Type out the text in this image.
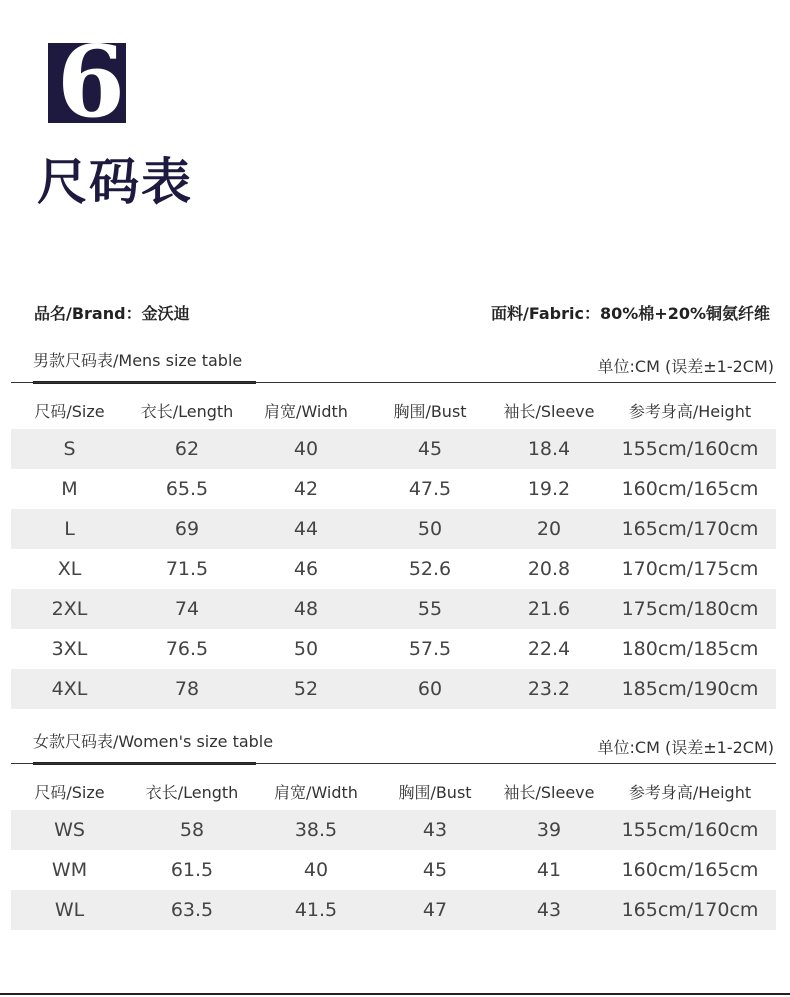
6
尺码表
品名/Brand：金沃迪	面料/Fabric：80%棉+20%铜氨纤维
男款尺码表/Mens size table	单位:CM (误差±1-2CM)
尺码/Size	衣长/Length	肩宽/Width	胸围/Bust	袖长/Sleeve	参考身高/Height
S	62	40	45	18.4	155cm/160cm
M	65.5	42	47.5	19.2	160cm/165cm
L	69	44	50	20	165cm/170cm
XL	71.5	46	52.6	20.8	170cm/175cm
2XL	74	48	55	21.6	175cm/180cm
3XL	76.5	50	57.5	22.4	180cm/185cm
4XL	78	52	60	23.2	185cm/190cm
女款尺码表/Women's size table	单位:CM (误差±1-2CM)
尺码/Size	衣长/Length	肩宽/Width	胸围/Bust	袖长/Sleeve	参考身高/Height
WS	58	38.5	43	39	155cm/160cm
WM	61.5	40	45	41	160cm/165cm
WL	63.5	41.5	47	43	165cm/170cm
